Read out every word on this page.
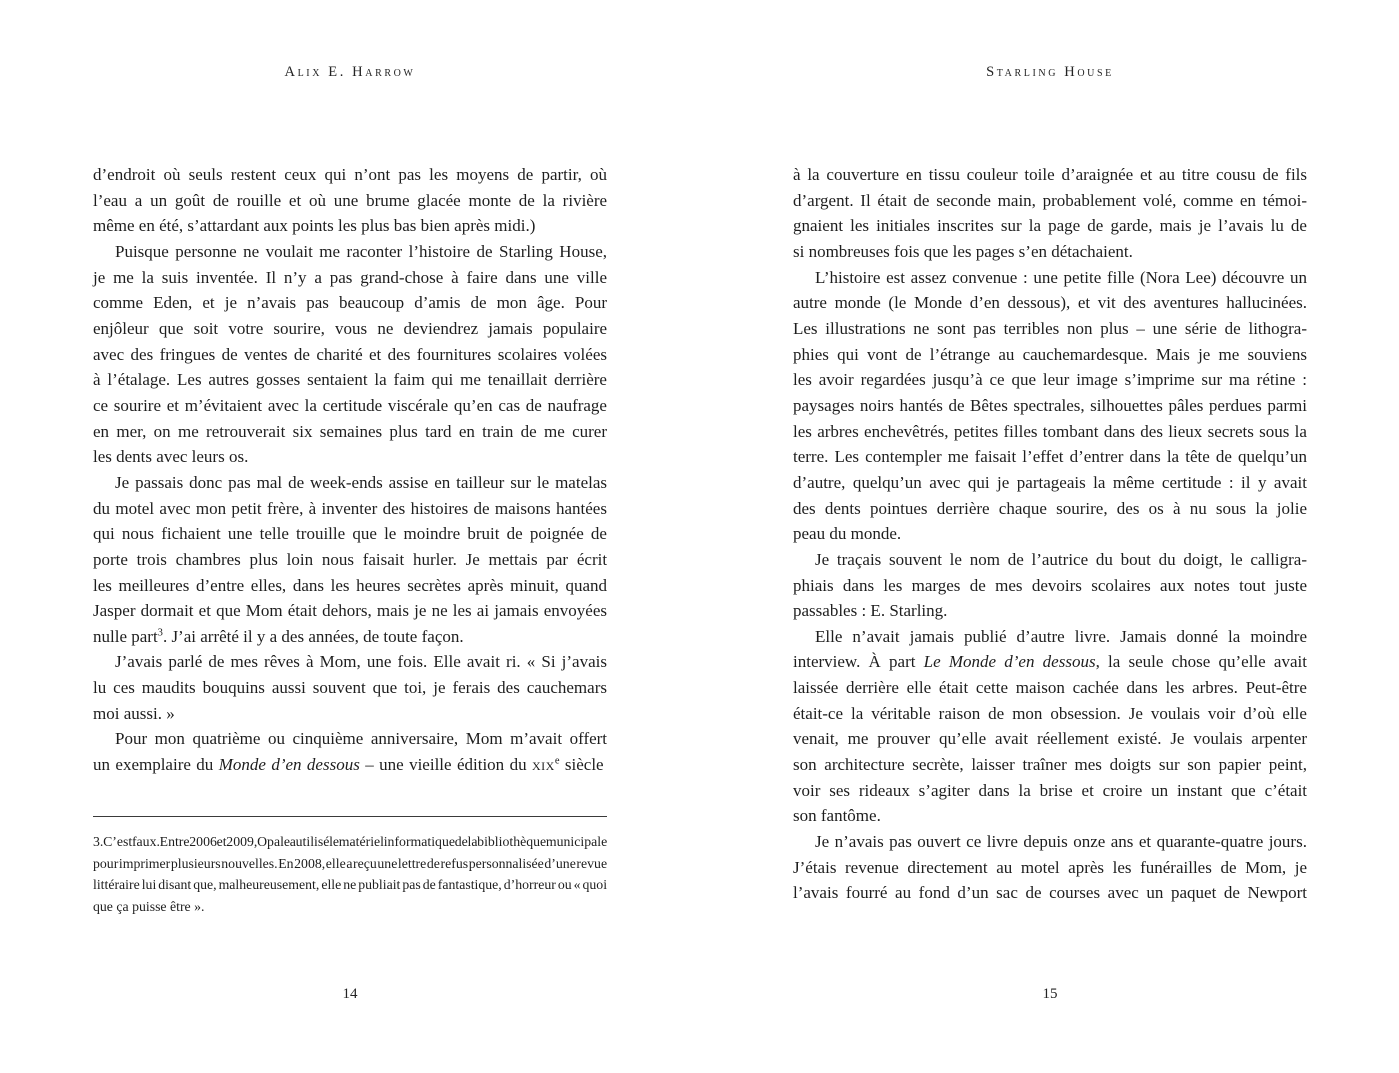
Alix E. Harrow
d’endroit où seuls restent ceux qui n’ont pas les moyens de partir, où
l’eau a un goût de rouille et où une brume glacée monte de la rivière
même en été, s’attardant aux points les plus bas bien après midi.)
Puisque personne ne voulait me raconter l’histoire de Starling House,
je me la suis inventée. Il n’y a pas grand-chose à faire dans une ville
comme Eden, et je n’avais pas beaucoup d’amis de mon âge. Pour
enjôleur que soit votre sourire, vous ne deviendrez jamais populaire
avec des fringues de ventes de charité et des fournitures scolaires volées
à l’étalage. Les autres gosses sentaient la faim qui me tenaillait derrière
ce sourire et m’évitaient avec la certitude viscérale qu’en cas de naufrage
en mer, on me retrouverait six semaines plus tard en train de me curer
les dents avec leurs os.
Je passais donc pas mal de week-ends assise en tailleur sur le matelas
du motel avec mon petit frère, à inventer des histoires de maisons hantées
qui nous fichaient une telle trouille que le moindre bruit de poignée de
porte trois chambres plus loin nous faisait hurler. Je mettais par écrit
les meilleures d’entre elles, dans les heures secrètes après minuit, quand
Jasper dormait et que Mom était dehors, mais je ne les ai jamais envoyées
nulle part$^3$. J’ai arrêté il y a des années, de toute façon.
J’avais parlé de mes rêves à Mom, une fois. Elle avait ri. « Si j’avais
lu ces maudits bouquins aussi souvent que toi, je ferais des cauchemars
moi aussi. »
Pour mon quatrième ou cinquième anniversaire, Mom m’avait offert
un exemplaire du Monde d’en dessous – une vieille édition du xix$^e$ siècle
3. C’est faux. Entre 2006 et 2009, Opale a utilisé le matériel informatique de la bibliothèque municipale
pour imprimer plusieurs nouvelles. En 2008, elle a reçu une lettre de refus personnalisée d’une revue
littéraire lui disant que, malheureusement, elle ne publiait pas de fantastique, d’horreur ou « quoi
que ça puisse être ».
14
Starling House
à la couverture en tissu couleur toile d’araignée et au titre cousu de fils
d’argent. Il était de seconde main, probablement volé, comme en témoi-
gnaient les initiales inscrites sur la page de garde, mais je l’avais lu de
si nombreuses fois que les pages s’en détachaient.
L’histoire est assez convenue : une petite fille (Nora Lee) découvre un
autre monde (le Monde d’en dessous), et vit des aventures hallucinées.
Les illustrations ne sont pas terribles non plus – une série de lithogra-
phies qui vont de l’étrange au cauchemardesque. Mais je me souviens
les avoir regardées jusqu’à ce que leur image s’imprime sur ma rétine :
paysages noirs hantés de Bêtes spectrales, silhouettes pâles perdues parmi
les arbres enchevêtrés, petites filles tombant dans des lieux secrets sous la
terre. Les contempler me faisait l’effet d’entrer dans la tête de quelqu’un
d’autre, quelqu’un avec qui je partageais la même certitude : il y avait
des dents pointues derrière chaque sourire, des os à nu sous la jolie
peau du monde.
Je traçais souvent le nom de l’autrice du bout du doigt, le calligra-
phiais dans les marges de mes devoirs scolaires aux notes tout juste
passables : E. Starling.
Elle n’avait jamais publié d’autre livre. Jamais donné la moindre
interview. À part Le Monde d’en dessous, la seule chose qu’elle avait
laissée derrière elle était cette maison cachée dans les arbres. Peut-être
était-ce la véritable raison de mon obsession. Je voulais voir d’où elle
venait, me prouver qu’elle avait réellement existé. Je voulais arpenter
son architecture secrète, laisser traîner mes doigts sur son papier peint,
voir ses rideaux s’agiter dans la brise et croire un instant que c’était
son fantôme.
Je n’avais pas ouvert ce livre depuis onze ans et quarante-quatre jours.
J’étais revenue directement au motel après les funérailles de Mom, je
l’avais fourré au fond d’un sac de courses avec un paquet de Newport
15
